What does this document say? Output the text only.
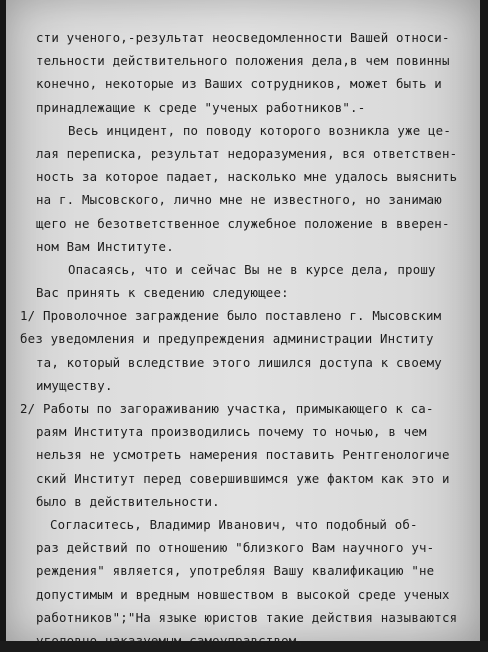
сти ученого,-результат неосведомленности Вашей относи-
тельности действительного положения дела,в чем повинны
конечно, некоторые из Ваших сотрудников, может быть и
принадлежащие к среде "ученых работников".-
Весь инцидент, по поводу которого возникла уже це-
лая переписка, результат недоразумения, вся ответствен-
ность за которое падает, насколько мне удалось выяснить
на г. Мысовского, лично мне не известного, но занимаю
щего не безответственное служебное положение в вверен-
ном Вам Институте.
Опасаясь, что и сейчас Вы не в курсе дела, прошу
Вас принять к сведению следующее:
1/ Проволочное заграждение было поставлено г. Мысовским
без уведомления и предупреждения администрации Институ
та, который вследствие этого лишился доступа к своему
имуществу.
2/ Работы по загораживанию участка, примыкающего к са-
раям Института производились почему то ночью, в чем
нельзя не усмотреть намерения поставить Рентгенологиче
ский Институт перед совершившимся уже фактом как это и
было в действительности.
Согласитесь, Владимир Иванович, что подобный об-
раз действий по отношению "близкого Вам научного уч-
реждения" является, употребляя Вашу квалификацию "не
допустимым и вредным новшеством в высокой среде ученых
работников";"На языке юристов такие действия называются
уголовно наказуемым самоуправством.
